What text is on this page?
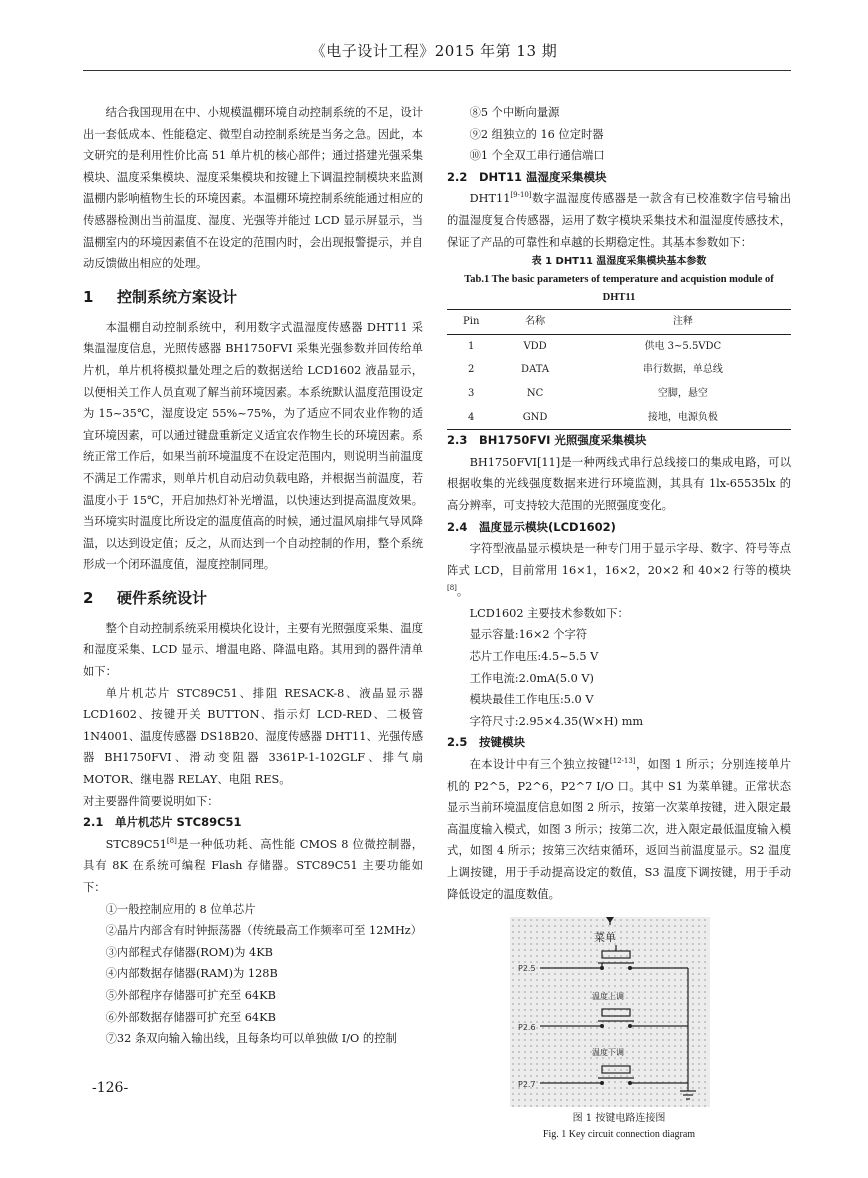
《电子设计工程》2015 年第 13 期

结合我国现用在中、小规模温棚环境自动控制系统的不足，设计出一套低成本、性能稳定、微型自动控制系统是当务之急。因此，本文研究的是利用性价比高 51 单片机的核心部件；通过搭建光强采集模块、温度采集模块、湿度采集模块和按键上下调温控制模块来监测温棚内影响植物生长的环境因素。本温棚环境控制系统能通过相应的传感器检测出当前温度、湿度、光强等并能过 LCD 显示屏显示，当温棚室内的环境因素值不在设定的范围内时，会出现报警提示，并自动反馈做出相应的处理。

1 控制系统方案设计

本温棚自动控制系统中，利用数字式温湿度传感器 DHT11 采集温湿度信息，光照传感器 BH1750FVI 采集光强参数并回传给单片机，单片机将模拟量处理之后的数据送给 LCD1602 液晶显示，以便相关工作人员直观了解当前环境因素。本系统默认温度范围设定为 15~35℃，湿度设定 55%~75%，为了适应不同农业作物的适宜环境因素，可以通过键盘重新定义适宜农作物生长的环境因素。系统正常工作后，如果当前环境温度不在设定范围内，则说明当前温度不满足工作需求，则单片机自动启动负载电路，并根据当前温度，若温度小于 15℃，开启加热灯补光增温，以快速达到提高温度效果。当环境实时温度比所设定的温度值高的时候，通过温风扇排气导风降温，以达到设定值；反之，从而达到一个自动控制的作用，整个系统形成一个闭环温度值，湿度控制同理。

2 硬件系统设计

整个自动控制系统采用模块化设计，主要有光照强度采集、温度和湿度采集、LCD 显示、增温电路、降温电路。其用到的器件清单如下：

单片机芯片 STC89C51、排阻 RESACK-8、液晶显示器 LCD1602、按键开关 BUTTON、指示灯 LCD-RED、二极管 1N4001、温度传感器 DS18B20、湿度传感器 DHT11、光强传感器 BH1750FVI、滑动变阻器 3361P-1-102GLF、排气扇 MOTOR、继电器 RELAY、电阻 RES。

对主要器件简要说明如下：

2.1 单片机芯片 STC89C51

STC89C51[8]是一种低功耗、高性能 CMOS 8 位微控制器，具有 8K 在系统可编程 Flash 存储器。STC89C51 主要功能如下：

①一般控制应用的 8 位单芯片

②晶片内部含有时钟振荡器（传统最高工作频率可至 12MHz）

③内部程式存储器(ROM)为 4KB

④内部数据存储器(RAM)为 128B

⑤外部程序存储器可扩充至 64KB

⑥外部数据存储器可扩充至 64KB

⑦32 条双向输入输出线，且每条均可以单独做 I/O 的控制

⑧5 个中断向量源

⑨2 组独立的 16 位定时器

⑩1 个全双工串行通信端口

2.2 DHT11 温湿度采集模块

DHT11[9-10]数字温湿度传感器是一款含有已校准数字信号输出的温湿度复合传感器，运用了数字模块采集技术和温湿度传感技术，保证了产品的可靠性和卓越的长期稳定性。其基本参数如下：

表 1 DHT11 温湿度采集模块基本参数
Tab.1 The basic parameters of temperature and acquistion module of DHT11
Pin	名称	注释
1	VDD	供电 3~5.5VDC
2	DATA	串行数据，单总线
3	NC	空脚，悬空
4	GND	接地，电源负极
2.3 BH1750FVI 光照强度采集模块

BH1750FVI[11]是一种两线式串行总线接口的集成电路，可以根据收集的光线强度数据来进行环境监测，其具有 1lx-65535lx 的高分辨率，可支持较大范围的光照强度变化。

2.4 温度显示模块(LCD1602)

字符型液晶显示模块是一种专门用于显示字母、数字、符号等点阵式 LCD，目前常用 16×1，16×2，20×2 和 40×2 行等的模块[8]。

LCD1602 主要技术参数如下：

显示容量:16×2 个字符

芯片工作电压:4.5~5.5 V

工作电流:2.0mA(5.0 V)

模块最佳工作电压:5.0 V

字符尺寸:2.95×4.35(W×H) mm

2.5 按键模块

在本设计中有三个独立按键[12-13]，如图 1 所示；分别连接单片机的 P2^5，P2^6，P2^7 I/O 口。其中 S1 为菜单键。正常状态显示当前环境温度信息如图 2 所示，按第一次菜单按键，进入限定最高温度输入模式，如图 3 所示；按第二次，进入限定最低温度输入模式，如图 4 所示；按第三次结束循环，返回当前温度显示。S2 温度上调按键，用于手动提高设定的数值，S3 温度下调按键，用于手动降低设定的温度数值。

菜单
P2.5
P2.6
P2.7
温度上调
温度下调
图 1 按键电路连接图
Fig. 1 Key circuit connection diagram
-126-
